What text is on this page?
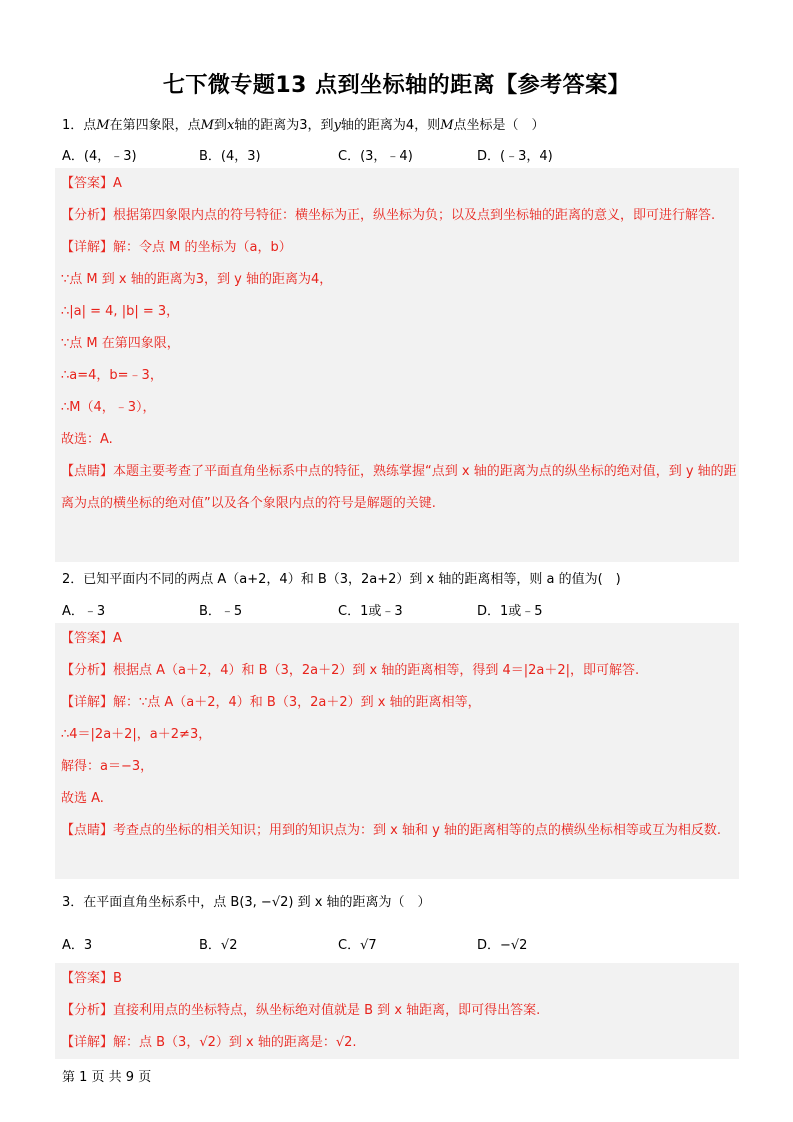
七下微专题13 点到坐标轴的距离【参考答案】
1．点M在第四象限，点M到x轴的距离为3，到y轴的距离为4，则M点坐标是（　）
A．(4，﹣3)	B．(4，3)	C．(3，﹣4)	D．(﹣3，4)
【答案】A
【分析】根据第四象限内点的符号特征：横坐标为正，纵坐标为负；以及点到坐标轴的距离的意义，即可进行解答.
【详解】解：令点 M 的坐标为（a，b）
∵点 M 到 x 轴的距离为3，到 y 轴的距离为4，
∴|a| = 4, |b| = 3，
∵点 M 在第四象限，
∴a=4，b=﹣3，
∴M（4，﹣3），
故选：A.
【点睛】本题主要考查了平面直角坐标系中点的特征，熟练掌握“点到 x 轴的距离为点的纵坐标的绝对值，到 y 轴的距离为点的横坐标的绝对值”以及各个象限内点的符号是解题的关键.
2．已知平面内不同的两点 A（a+2，4）和 B（3，2a+2）到 x 轴的距离相等，则 a 的值为(　)
A．﹣3	B．﹣5	C．1或﹣3	D．1或﹣5
【答案】A
【分析】根据点 A（a＋2，4）和 B（3，2a＋2）到 x 轴的距离相等，得到 4＝|2a＋2|，即可解答.
【详解】解：∵点 A（a＋2，4）和 B（3，2a＋2）到 x 轴的距离相等，
∴4＝|2a＋2|，a＋2≠3，
解得：a＝−3，
故选 A.
【点睛】考查点的坐标的相关知识；用到的知识点为：到 x 轴和 y 轴的距离相等的点的横纵坐标相等或互为相反数.
3．在平面直角坐标系中，点 B(3, −√2) 到 x 轴的距离为（　）
A．3	B．√2	C．√7	D．−√2
【答案】B
【分析】直接利用点的坐标特点，纵坐标绝对值就是 B 到 x 轴距离，即可得出答案.
【详解】解：点 B（3，√2）到 x 轴的距离是：√2.
第 1 页 共 9 页
